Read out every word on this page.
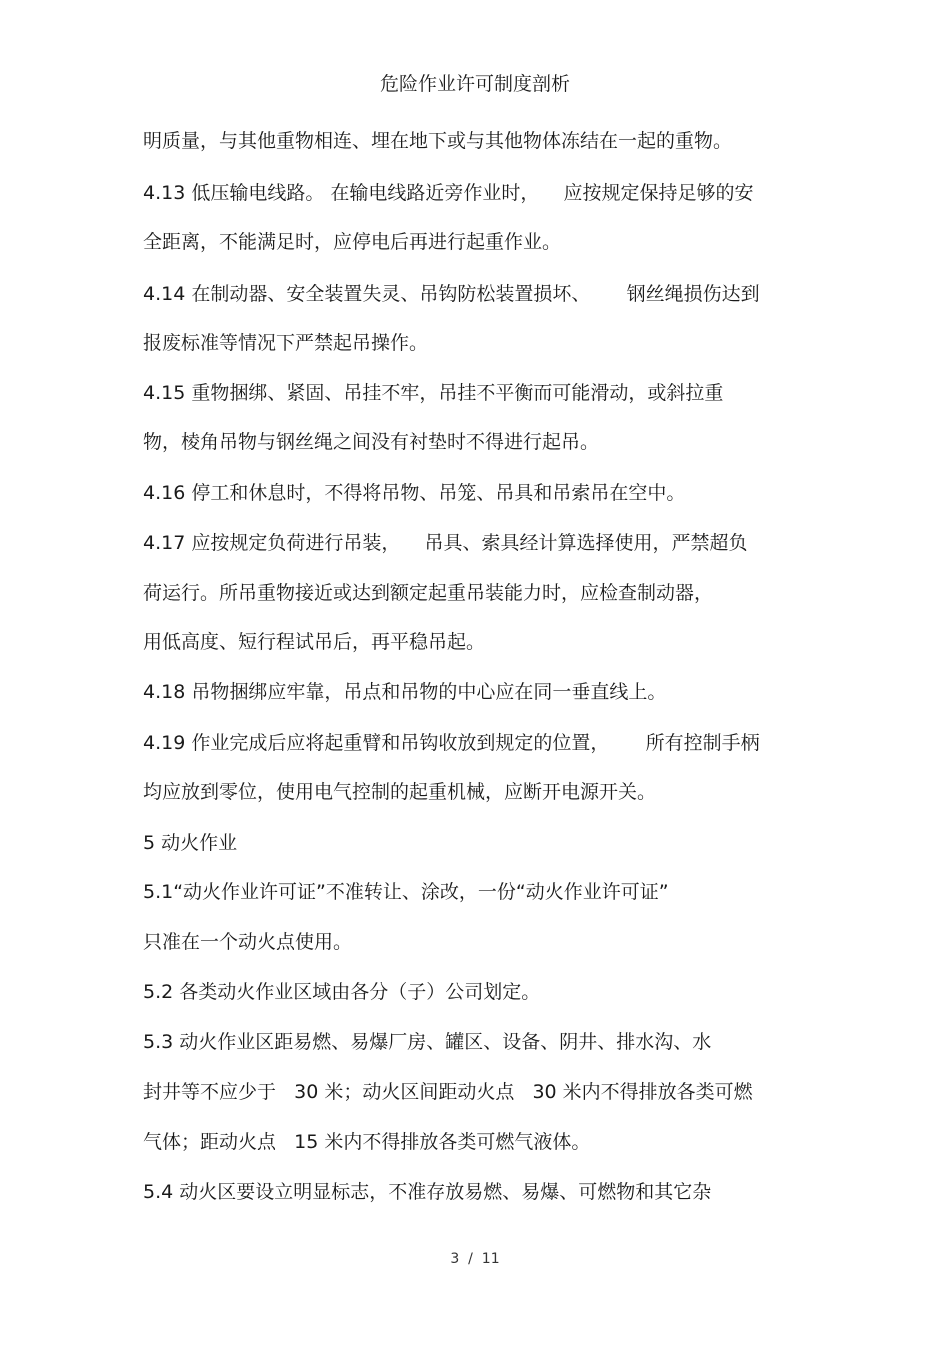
危险作业许可制度剖析
明质量，与其他重物相连、埋在地下或与其他物体冻结在一起的重物。
4.13 低压输电线路。 在输电线路近旁作业时，    应按规定保持足够的安
全距离，不能满足时，应停电后再进行起重作业。
4.14 在制动器、安全装置失灵、吊钩防松装置损坏、      钢丝绳损伤达到
报废标准等情况下严禁起吊操作。
4.15 重物捆绑、紧固、吊挂不牢，吊挂不平衡而可能滑动，或斜拉重
物，棱角吊物与钢丝绳之间没有衬垫时不得进行起吊。
4.16 停工和休息时，不得将吊物、吊笼、吊具和吊索吊在空中。
4.17 应按规定负荷进行吊装，    吊具、索具经计算选择使用，严禁超负
荷运行。所吊重物接近或达到额定起重吊装能力时，应检查制动器，
用低高度、短行程试吊后，再平稳吊起。
4.18 吊物捆绑应牢靠，吊点和吊物的中心应在同一垂直线上。
4.19 作业完成后应将起重臂和吊钩收放到规定的位置，      所有控制手柄
均应放到零位，使用电气控制的起重机械，应断开电源开关。
5 动火作业
5.1“动火作业许可证”不准转让、涂改，一份“动火作业许可证”
只准在一个动火点使用。
5.2 各类动火作业区域由各分（子）公司划定。
5.3 动火作业区距易燃、易爆厂房、罐区、设备、阴井、排水沟、水
封井等不应少于   30 米；动火区间距动火点   30 米内不得排放各类可燃
气体；距动火点   15 米内不得排放各类可燃气液体。
5.4 动火区要设立明显标志，不准存放易燃、易爆、可燃物和其它杂
3  /  11
